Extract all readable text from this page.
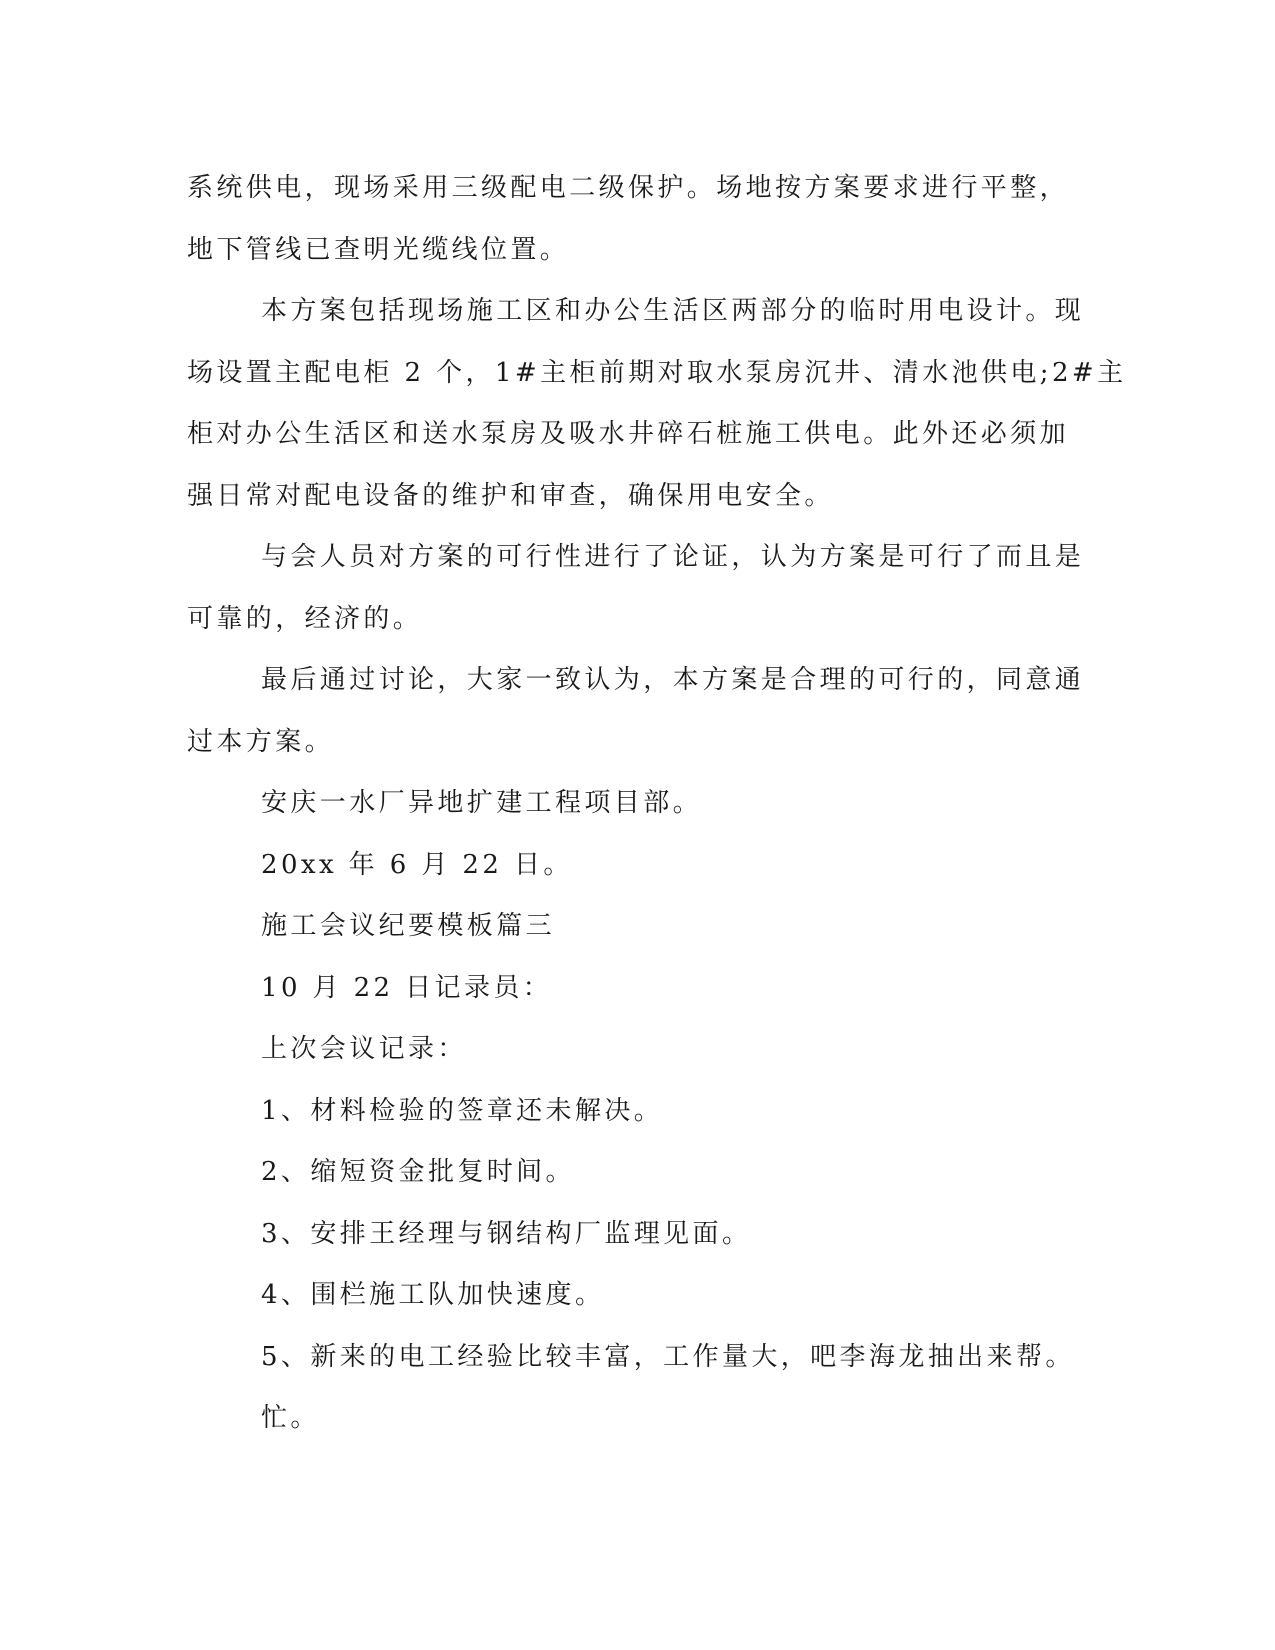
系统供电，现场采用三级配电二级保护。场地按方案要求进行平整，
地下管线已查明光缆线位置。
本方案包括现场施工区和办公生活区两部分的临时用电设计。现
场设置主配电柜 2 个，1#主柜前期对取水泵房沉井、清水池供电;2#主
柜对办公生活区和送水泵房及吸水井碎石桩施工供电。此外还必须加
强日常对配电设备的维护和审查，确保用电安全。
与会人员对方案的可行性进行了论证，认为方案是可行了而且是
可靠的，经济的。
最后通过讨论，大家一致认为，本方案是合理的可行的，同意通
过本方案。
安庆一水厂异地扩建工程项目部。
20xx 年 6 月 22 日。
施工会议纪要模板篇三
10 月 22 日记录员：
上次会议记录：
1、材料检验的签章还未解决。
2、缩短资金批复时间。
3、安排王经理与钢结构厂监理见面。
4、围栏施工队加快速度。
5、新来的电工经验比较丰富，工作量大，吧李海龙抽出来帮。
忙。
